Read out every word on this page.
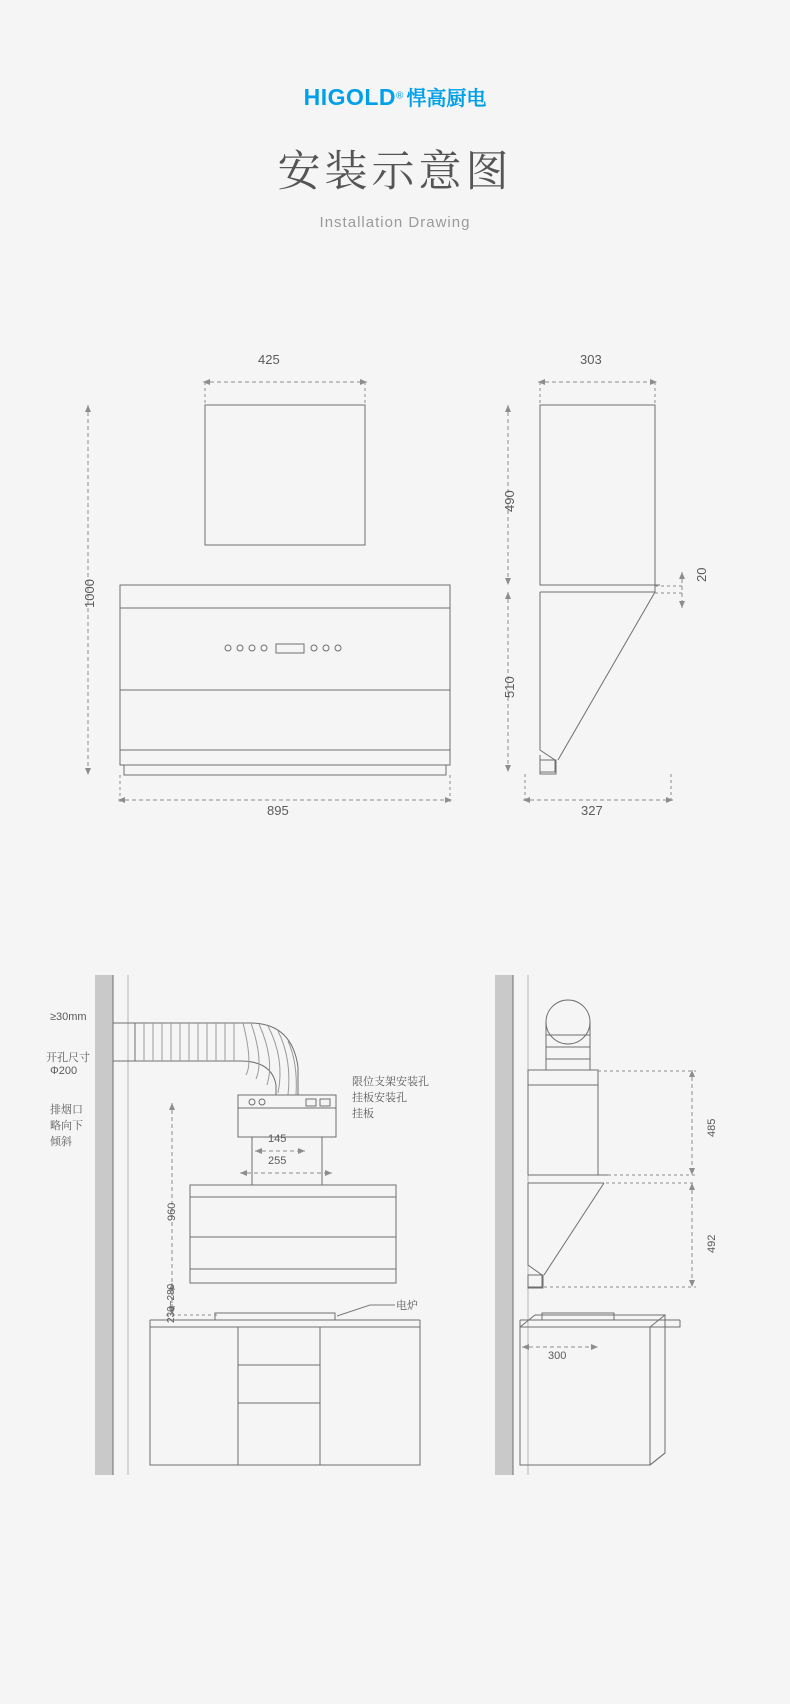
HIGOLD® 悍高厨电
安装示意图
Installation Drawing
425
1000
895
303
490
510
20
327
≥30mm
开孔尺寸
Φ200
排烟口
略向下
倾斜
限位支架安装孔
挂板安装孔
挂板
电炉
145
255
960
230~280
485
492
300
